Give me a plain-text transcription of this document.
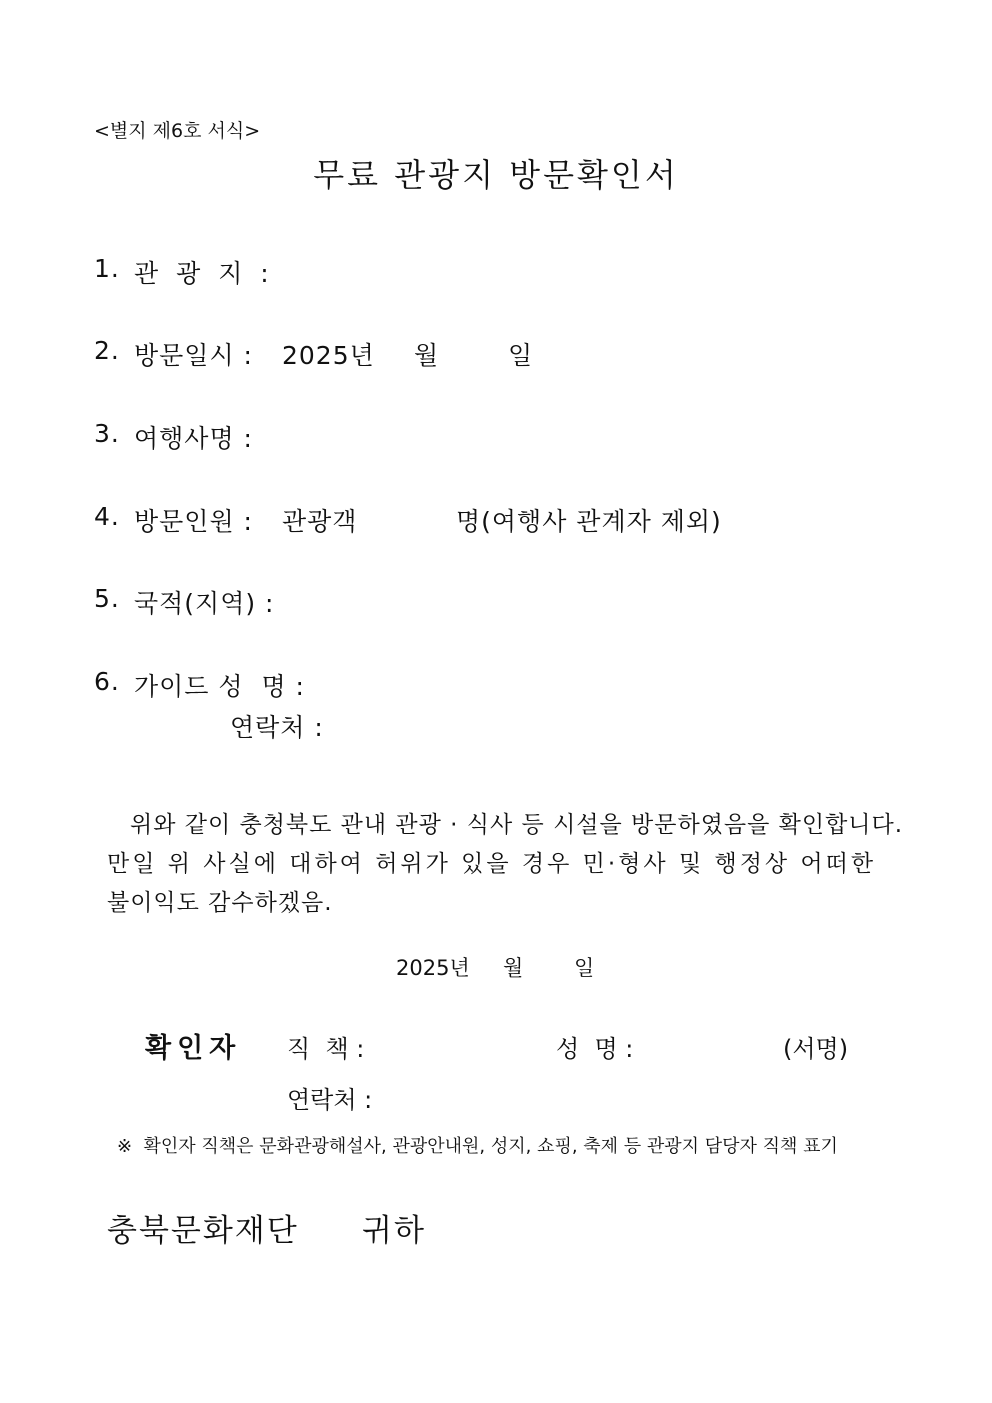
<별지 제6호 서식>
무료 관광지 방문확인서
1. 관 광 지 :
2. 방문일시 : 2025년 월	일
3. 여행사명 :
4. 방문인원 : 관광객	명(여행사 관계자 제외)
5. 국적(지역) :
6. 가이드 성  명 :
연락처 :
위와 같이 충청북도 관내 관광 · 식사 등 시설을 방문하였음을 확인합니다.
만일 위 사실에 대하여 허위가 있을 경우 민·형사 및 행정상 어떠한
불이익도 감수하겠음.
2025년 월 일
확인자 직  책 :	성  명 :	(서명)
연락처 :
※  확인자 직책은 문화관광해설사, 관광안내원, 성지, 쇼핑, 축제 등 관광지 담당자 직책 표기
충북문화재단 귀하
